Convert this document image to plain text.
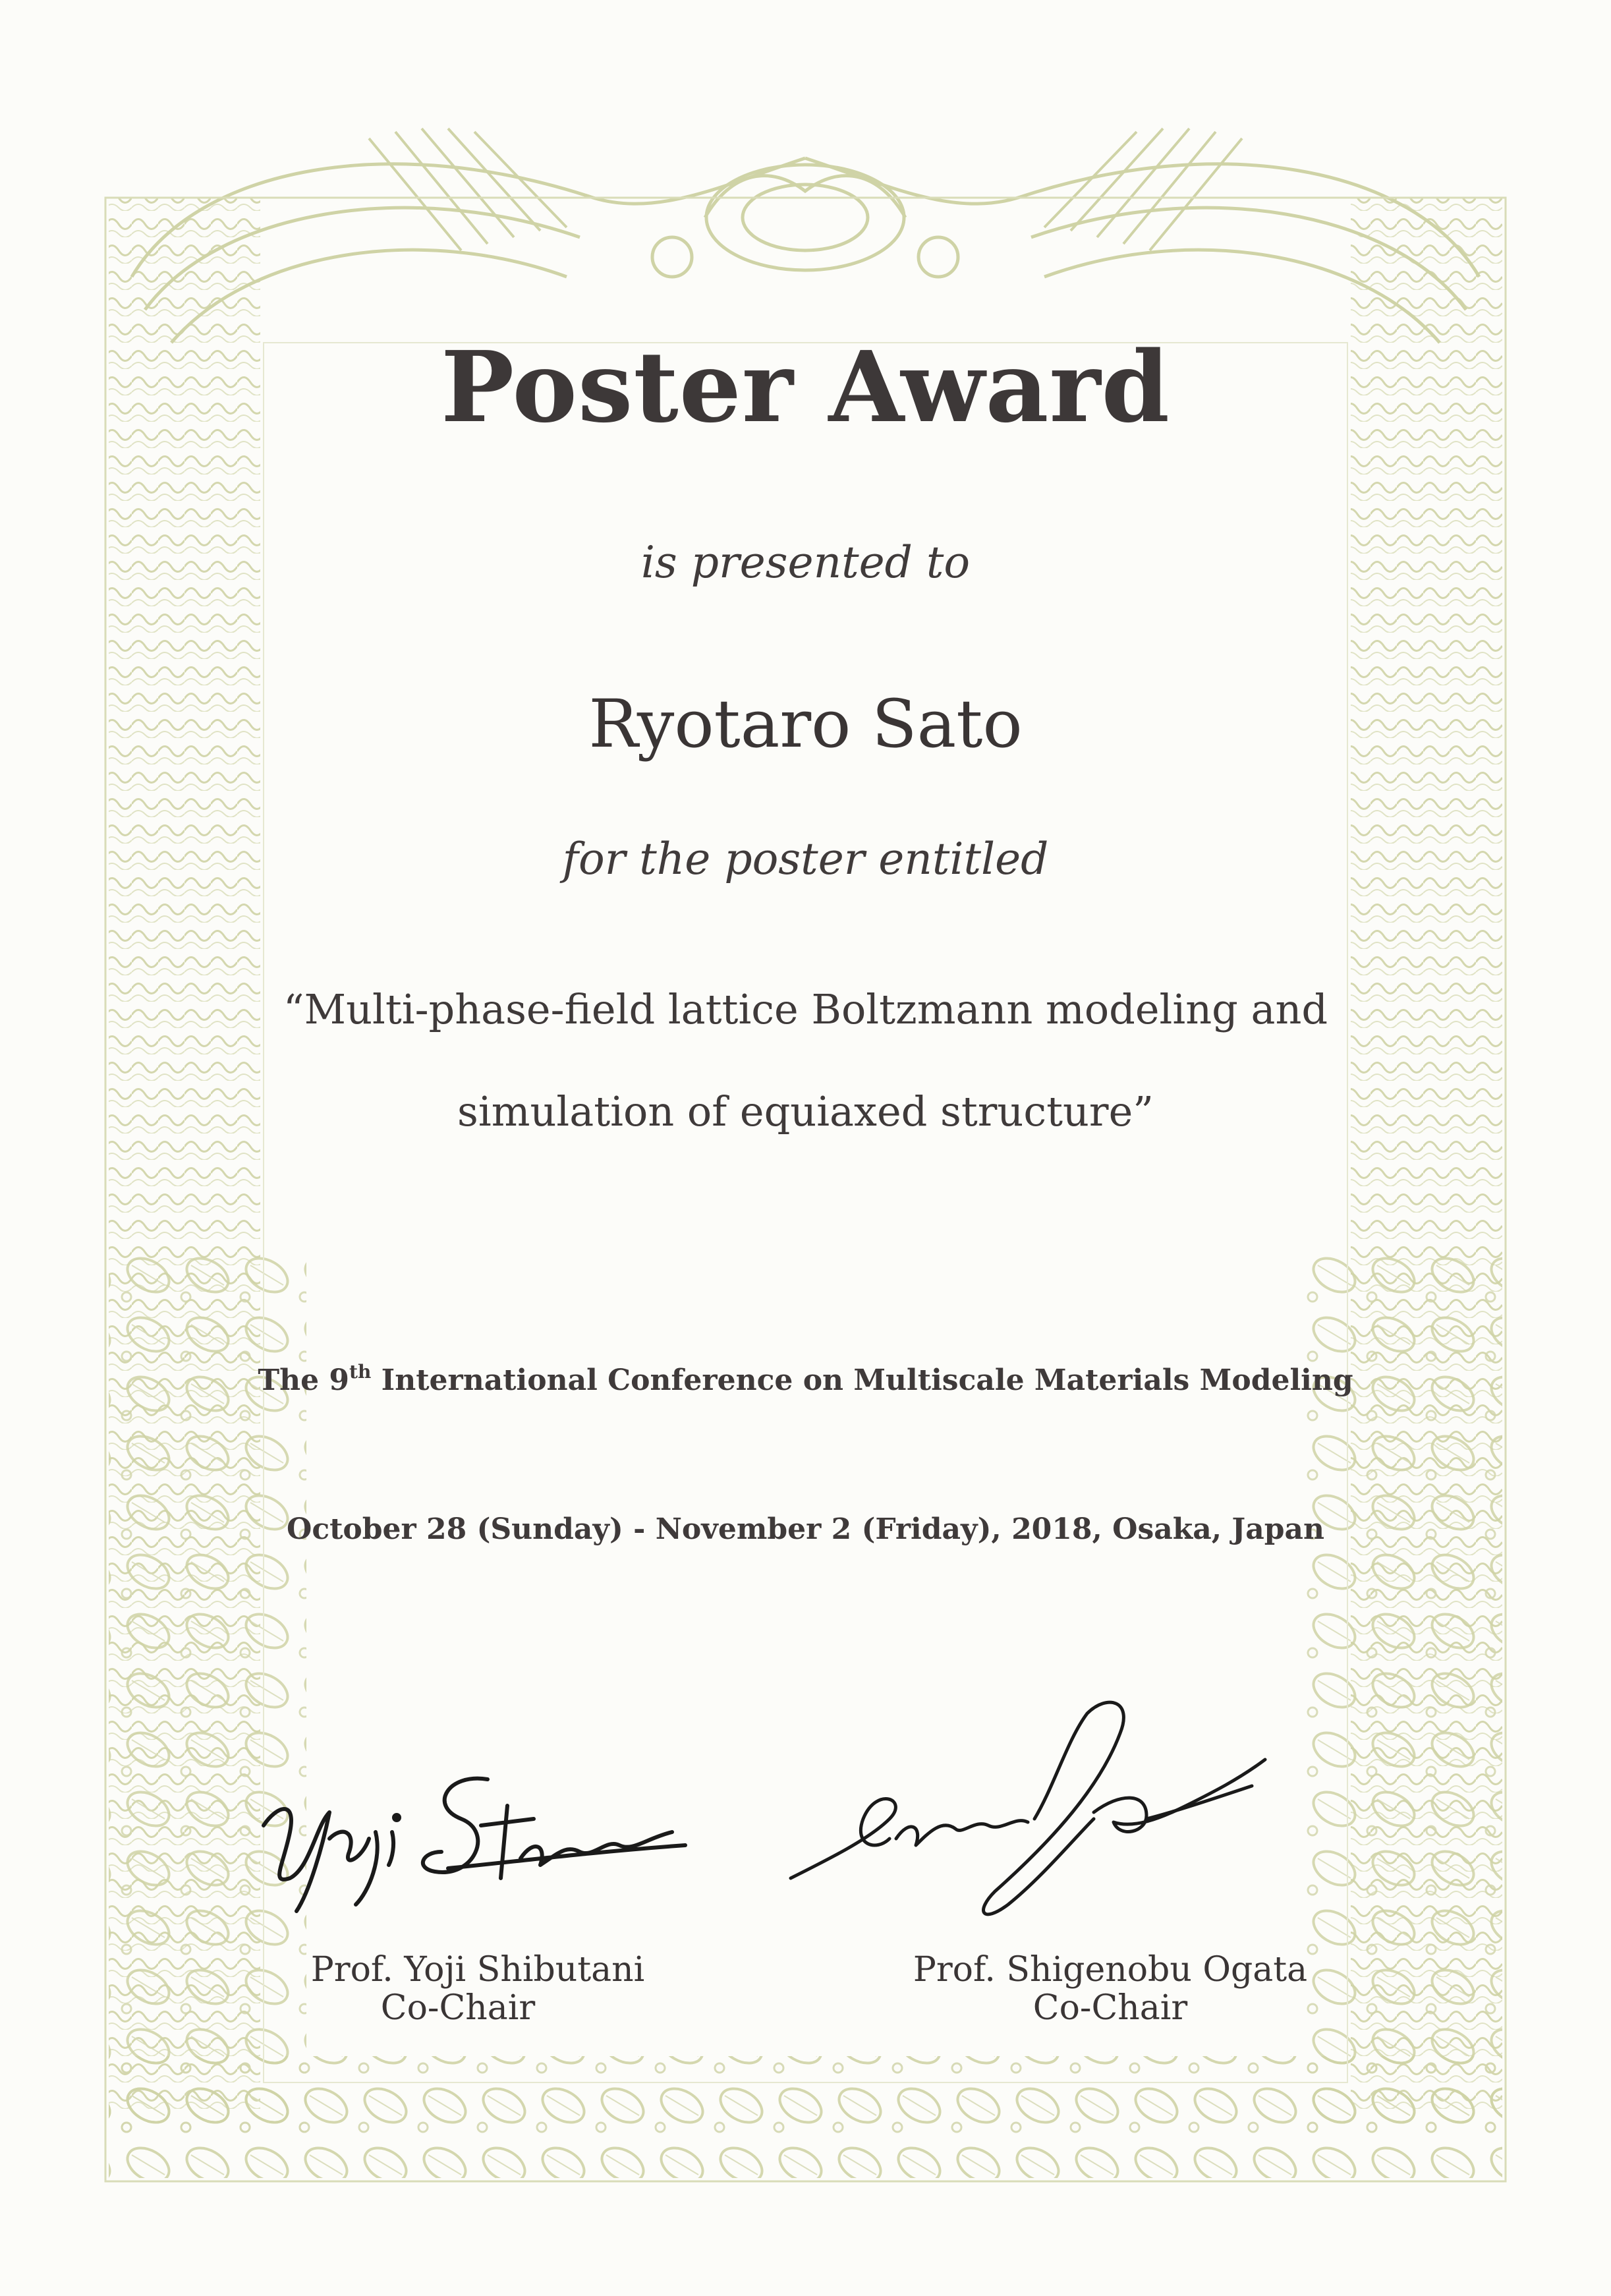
Poster Award
is presented to
Ryotaro Sato
for the poster entitled
“Multi-phase-field lattice Boltzmann modeling and
simulation of equiaxed structure”
The 9th International Conference on Multiscale Materials Modeling
October 28 (Sunday) - November 2 (Friday), 2018, Osaka, Japan
Prof. Yoji Shibutani
Co-Chair
Prof. Shigenobu Ogata
Co-Chair
